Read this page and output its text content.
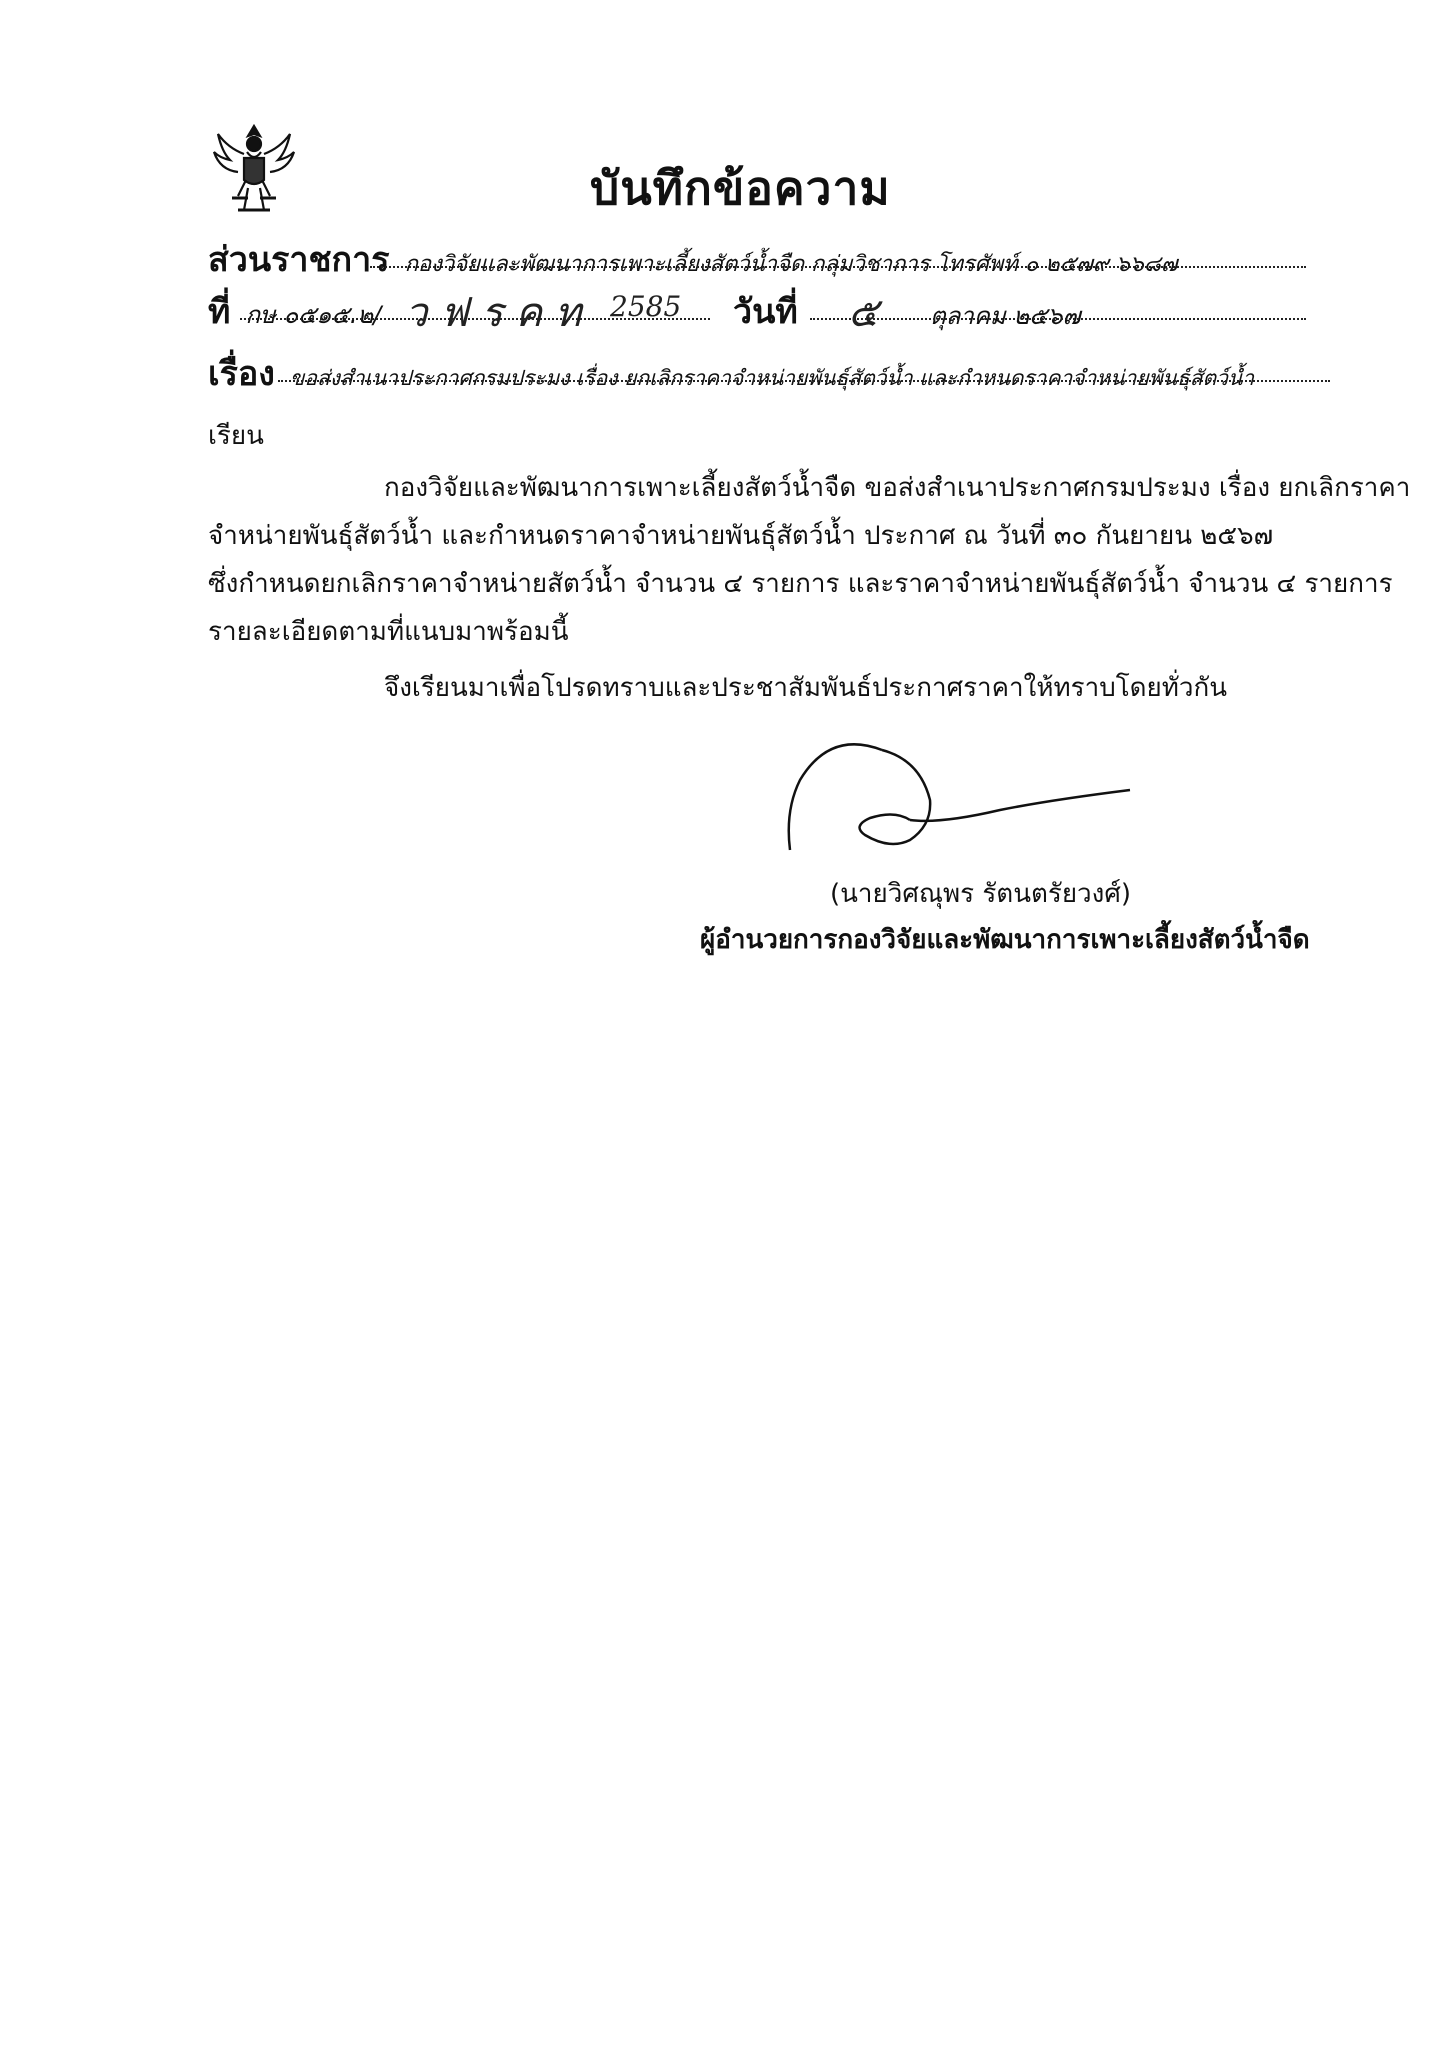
บันทึกข้อความ
ส่วนราชการ กองวิจัยและพัฒนาการเพาะเลี้ยงสัตว์น้ำจืด กลุ่มวิชาการ โทรศัพท์ ๐ ๒๕๗๙ ๖๖๘๗
ที่ กษ ๐๕๑๕.๒/ ว ฟ ร ค ท 2585 วันที่ ๕ ตุลาคม ๒๕๖๗
เรื่อง ขอส่งสำเนาประกาศกรมประมง เรื่อง ยกเลิกราคาจำหน่ายพันธุ์สัตว์น้ำ และกำหนดราคาจำหน่ายพันธุ์สัตว์น้ำ
เรียน
กองวิจัยและพัฒนาการเพาะเลี้ยงสัตว์น้ำจืด ขอส่งสำเนาประกาศกรมประมง เรื่อง ยกเลิกราคา
จำหน่ายพันธุ์สัตว์น้ำ และกำหนดราคาจำหน่ายพันธุ์สัตว์น้ำ ประกาศ ณ วันที่ ๓๐ กันยายน ๒๕๖๗
ซึ่งกำหนดยกเลิกราคาจำหน่ายสัตว์น้ำ จำนวน ๔ รายการ และราคาจำหน่ายพันธุ์สัตว์น้ำ จำนวน ๔ รายการ
รายละเอียดตามที่แนบมาพร้อมนี้
จึงเรียนมาเพื่อโปรดทราบและประชาสัมพันธ์ประกาศราคาให้ทราบโดยทั่วกัน
(นายวิศณุพร รัตนตรัยวงศ์)
ผู้อำนวยการกองวิจัยและพัฒนาการเพาะเลี้ยงสัตว์น้ำจืด
